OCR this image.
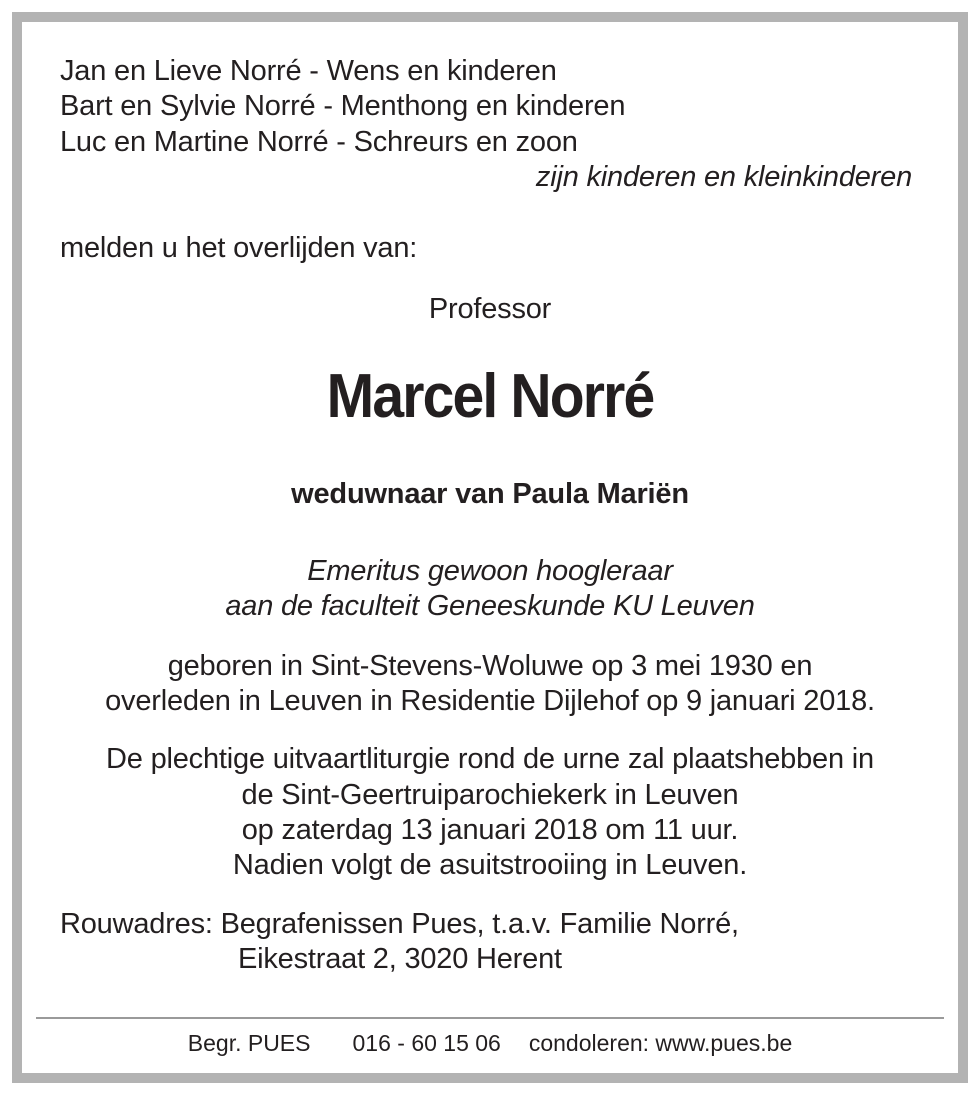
Jan en Lieve Norré - Wens en kinderen
Bart en Sylvie Norré - Menthong en kinderen
Luc en Martine Norré - Schreurs en zoon
zijn kinderen en kleinkinderen
melden u het overlijden van:
Professor
Marcel Norré
weduwnaar van Paula Mariën
Emeritus gewoon hoogleraar
aan de faculteit Geneeskunde KU Leuven
geboren in Sint-Stevens-Woluwe op 3 mei 1930 en
overleden in Leuven in Residentie Dijlehof op 9 januari 2018.
De plechtige uitvaartliturgie rond de urne zal plaatshebben in
de Sint-Geertruiparochiekerk in Leuven
op zaterdag 13 januari 2018 om 11 uur.
Nadien volgt de asuitstrooiing in Leuven.
Rouwadres: Begrafenissen Pues, t.a.v. Familie Norré,
Eikestraat 2, 3020 Herent
Begr. PUES 016 - 60 15 06 condoleren: www.pues.be
